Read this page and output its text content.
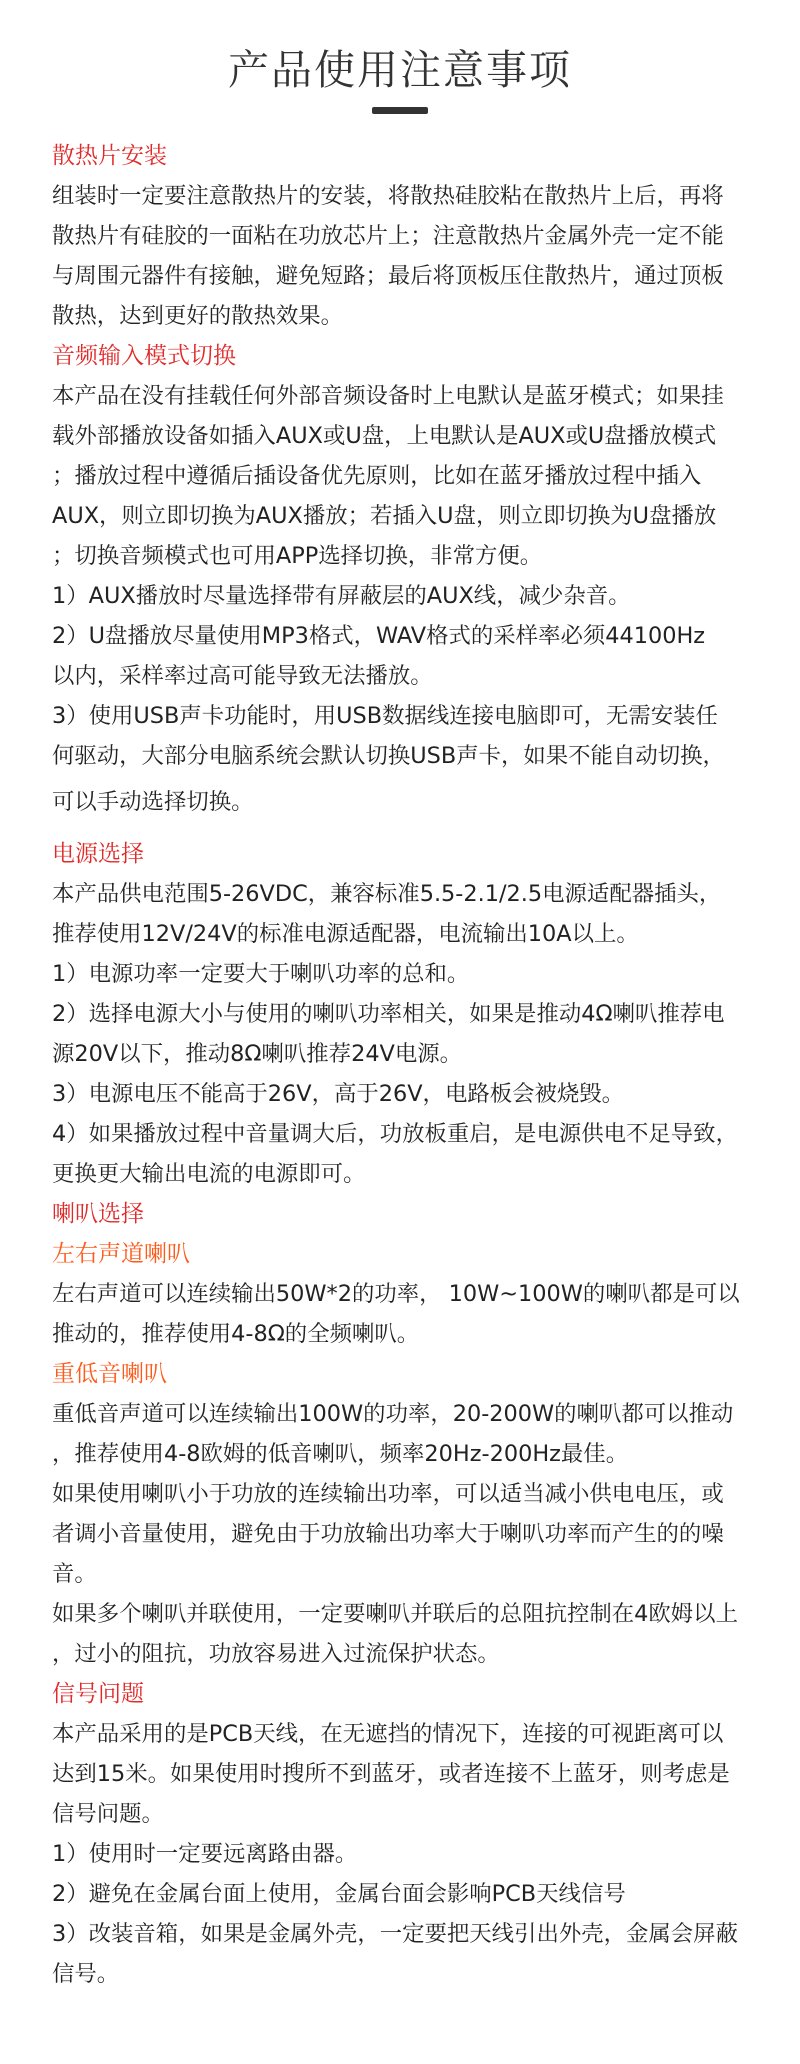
产品使用注意事项
散热片安装
组装时一定要注意散热片的安装，将散热硅胶粘在散热片上后，再将
散热片有硅胶的一面粘在功放芯片上；注意散热片金属外壳一定不能
与周围元器件有接触，避免短路；最后将顶板压住散热片，通过顶板
散热，达到更好的散热效果。
音频输入模式切换
本产品在没有挂载任何外部音频设备时上电默认是蓝牙模式；如果挂
载外部播放设备如插入AUX或U盘，上电默认是AUX或U盘播放模式
；播放过程中遵循后插设备优先原则，比如在蓝牙播放过程中插入
AUX，则立即切换为AUX播放；若插入U盘，则立即切换为U盘播放
；切换音频模式也可用APP选择切换，非常方便。
1）AUX播放时尽量选择带有屏蔽层的AUX线，减少杂音。
2）U盘播放尽量使用MP3格式，WAV格式的采样率必须44100Hz
以内，采样率过高可能导致无法播放。
3）使用USB声卡功能时，用USB数据线连接电脑即可，无需安装任
何驱动，大部分电脑系统会默认切换USB声卡，如果不能自动切换，
可以手动选择切换。
电源选择
本产品供电范围5-26VDC，兼容标准5.5-2.1/2.5电源适配器插头，
推荐使用12V/24V的标准电源适配器，电流输出10A以上。
1）电源功率一定要大于喇叭功率的总和。
2）选择电源大小与使用的喇叭功率相关，如果是推动4Ω喇叭推荐电
源20V以下，推动8Ω喇叭推荐24V电源。
3）电源电压不能高于26V，高于26V，电路板会被烧毁。
4）如果播放过程中音量调大后，功放板重启，是电源供电不足导致，
更换更大输出电流的电源即可。
喇叭选择
左右声道喇叭
左右声道可以连续输出50W*2的功率， 10W~100W的喇叭都是可以
推动的，推荐使用4-8Ω的全频喇叭。
重低音喇叭
重低音声道可以连续输出100W的功率，20-200W的喇叭都可以推动
，推荐使用4-8欧姆的低音喇叭，频率20Hz-200Hz最佳。
如果使用喇叭小于功放的连续输出功率，可以适当减小供电电压，或
者调小音量使用，避免由于功放输出功率大于喇叭功率而产生的的噪
音。
如果多个喇叭并联使用，一定要喇叭并联后的总阻抗控制在4欧姆以上
，过小的阻抗，功放容易进入过流保护状态。
信号问题
本产品采用的是PCB天线，在无遮挡的情况下，连接的可视距离可以
达到15米。如果使用时搜所不到蓝牙，或者连接不上蓝牙，则考虑是
信号问题。
1）使用时一定要远离路由器。
2）避免在金属台面上使用，金属台面会影响PCB天线信号
3）改装音箱，如果是金属外壳，一定要把天线引出外壳，金属会屏蔽
信号。
